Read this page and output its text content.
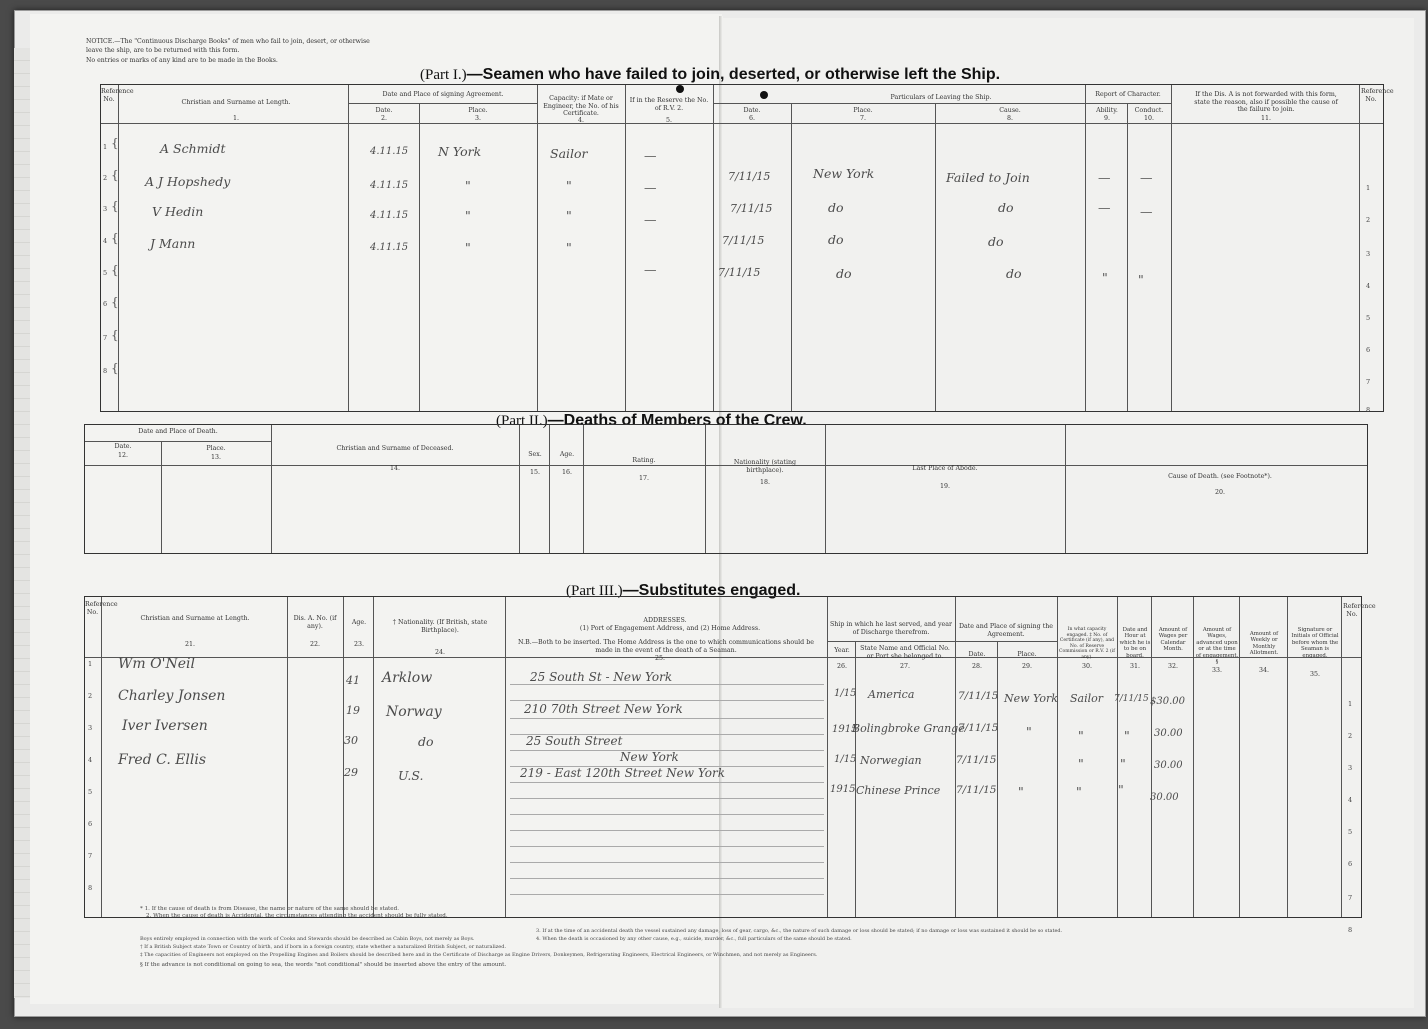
NOTICE.—The "Continuous Discharge Books" of men who fail to join, desert, or otherwise leave the ship, are to be returned with this form.

No entries or marks of any kind are to be made in the Books.

(Part I.)—Seamen who have failed to join, deserted, or otherwise left the Ship.
Reference No.	Christian and Surname at Length.
1.
Date and Place of signing Agreement.
Date.
2.
Place.
3.
Capacity: if Mate or Engineer, the No. of his Certificate.
4.
If in the Reserve the No. of R.V. 2.
5.
Particulars of Leaving the Ship.
Date.
6.
Place.
7.
Cause.
8.
Report of Character.
Ability.
9.
Conduct.
10.
If the Dis. A is not forwarded with this form, state the reason, also if possible the cause of the failure to join.
11.
Reference No.
1
2
3
4
5
6
7
8
{
{
{
{
{
{
{
{
A Schmidt
A J Hopshedy
V Hedin
J Mann
4.11.15
4.11.15
4.11.15
4.11.15
N York
"
"
"
Sailor
"
"
"
—
—
—
—
7/11/15
7/11/15
7/11/15
7/11/15
New York
do
do
do
Failed to Join
do
do
do
—
—
"
—
—
"
1
2
3
4
5
6
7
8
(Part II.)—Deaths of Members of the Crew.
Date and Place of Death.
Date.
12.
Place.
13.
Christian and Surname of Deceased.
14.
Sex.
15.
Age.
16.
Rating.
17.
Nationality (stating birthplace).
18.
Last Place of Abode.
19.
Cause of Death. (see Footnote*).
20.
(Part III.)—Substitutes engaged.
Reference No.
Christian and Surname at Length.
21.
Dis. A. No. (if any).
22.
Age.
23.
† Nationality. (If British, state Birthplace).
24.
ADDRESSES.
(1) Port of Engagement Address, and (2) Home Address.
N.B.—Both to be inserted. The Home Address is the one to which communications should be made in the event of the death of a Seaman.
25.
Ship in which he last served, and year of Discharge therefrom.
Year.
26.
State Name and Official No. or Port she belonged to.
27.
Date and Place of signing the Agreement.
Date.
28.
Place.
29.
In what capacity engaged. ‡ No. of Certificate (if any), and No. of Reserve Commission or R.V. 2 (if any).
30.
Date and Hour at which he is to be on board.
31.
Amount of Wages per Calendar Month.
32.
Amount of Wages, advanced upon or at the time of engagement. §
33.
Amount of Weekly or Monthly Allotment.
34.
Signature or Initials of Official before whom the Seaman is engaged.
35.
Reference No.
1
2
3
4
5
6
7
8
Wm O'Neil
Charley Jonsen
Iver Iversen
Fred C. Ellis
41
19
30
29
Arklow
Norway
do
U.S.
25 South St - New York
210 70th Street New York
25 South Street
New York
219 - East 120th Street New York
1/15
1915
1/15
1915
America
Bolingbroke Grange
Norwegian
Chinese Prince
7/11/15
7/11/15
7/11/15
7/11/15
New York
"
"
Sailor
"
"
"
7/11/15
"
"
"
$30.00
30.00
30.00
30.00
1
2
3
4
5
6
7
8
* 1. If the cause of death is from Disease, the name or nature of the same should be stated.
2. When the cause of death is Accidental, the circumstances attending the accident should be fully stated.
3. If at the time of an accidental death the vessel sustained any damage, loss of gear, cargo, &c., the nature of such damage or loss should be stated; if no damage or loss was sustained it should be so stated.
4. When the death is occasioned by any other cause, e.g., suicide, murder, &c., full particulars of the same should be stated.
‡ The capacities of Engineers not employed on the Propelling Engines and Boilers should be described here and in the Certificate of Discharge as Engine Drivers, Donkeymen, Refrigerating Engineers, Electrical Engineers, or Winchmen, and not merely as Engineers.
† If a British Subject state Town or Country of birth, and if born in a foreign country, state whether a naturalized British Subject, or naturalized.
§ If the advance is not conditional on going to sea, the words "not conditional" should be inserted above the entry of the amount.
Boys entirely employed in connection with the work of Cooks and Stewards should be described as Cabin Boys, not merely as Boys.
